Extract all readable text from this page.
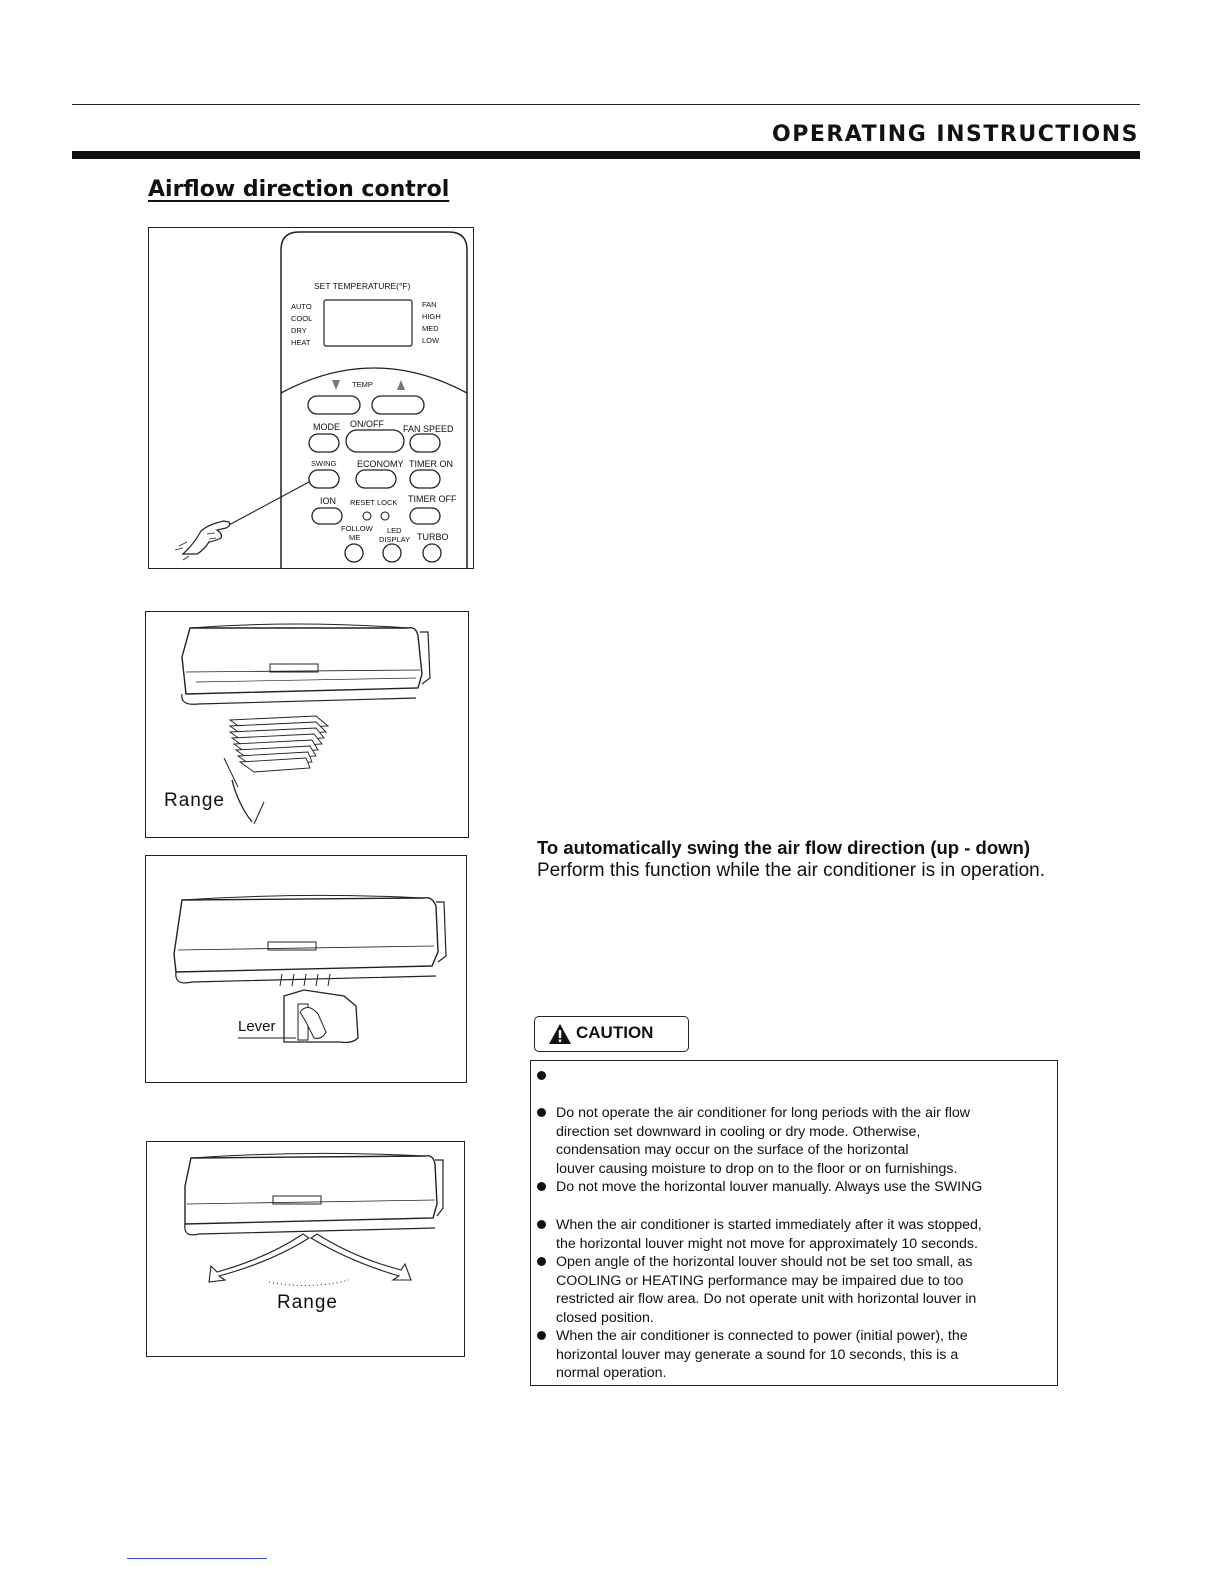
OPERATING INSTRUCTIONS
Airflow direction control
SET TEMPERATURE(°F)
AUTO
COOL
DRY
HEAT
FAN
HIGH
MED
LOW
TEMP
MODE ON/OFF FAN SPEED
SWING ECONOMY TIMER ON
ION RESET LOCK TIMER OFF
FOLLOW
ME
LED
DISPLAY TURBO
Range
Lever
Range
To automatically swing the air flow direction (up - down)
Perform this function while the air conditioner is in operation.
CAUTION
Do not operate the air conditioner for long periods with the air flow
direction set downward in cooling or dry mode. Otherwise,
condensation may occur on the surface of the horizontal
louver causing moisture to drop on to the floor or on furnishings.
Do not move the horizontal louver manually. Always use the SWING
When the air conditioner is started immediately after it was stopped,
the horizontal louver might not move for approximately 10 seconds.
Open angle of the horizontal louver should not be set too small, as
COOLING or HEATING performance may be impaired due to too
restricted air flow area. Do not operate unit with horizontal louver in
closed position.
When the air conditioner is connected to power (initial power), the
horizontal louver may generate a sound for 10 seconds, this is a
normal operation.
